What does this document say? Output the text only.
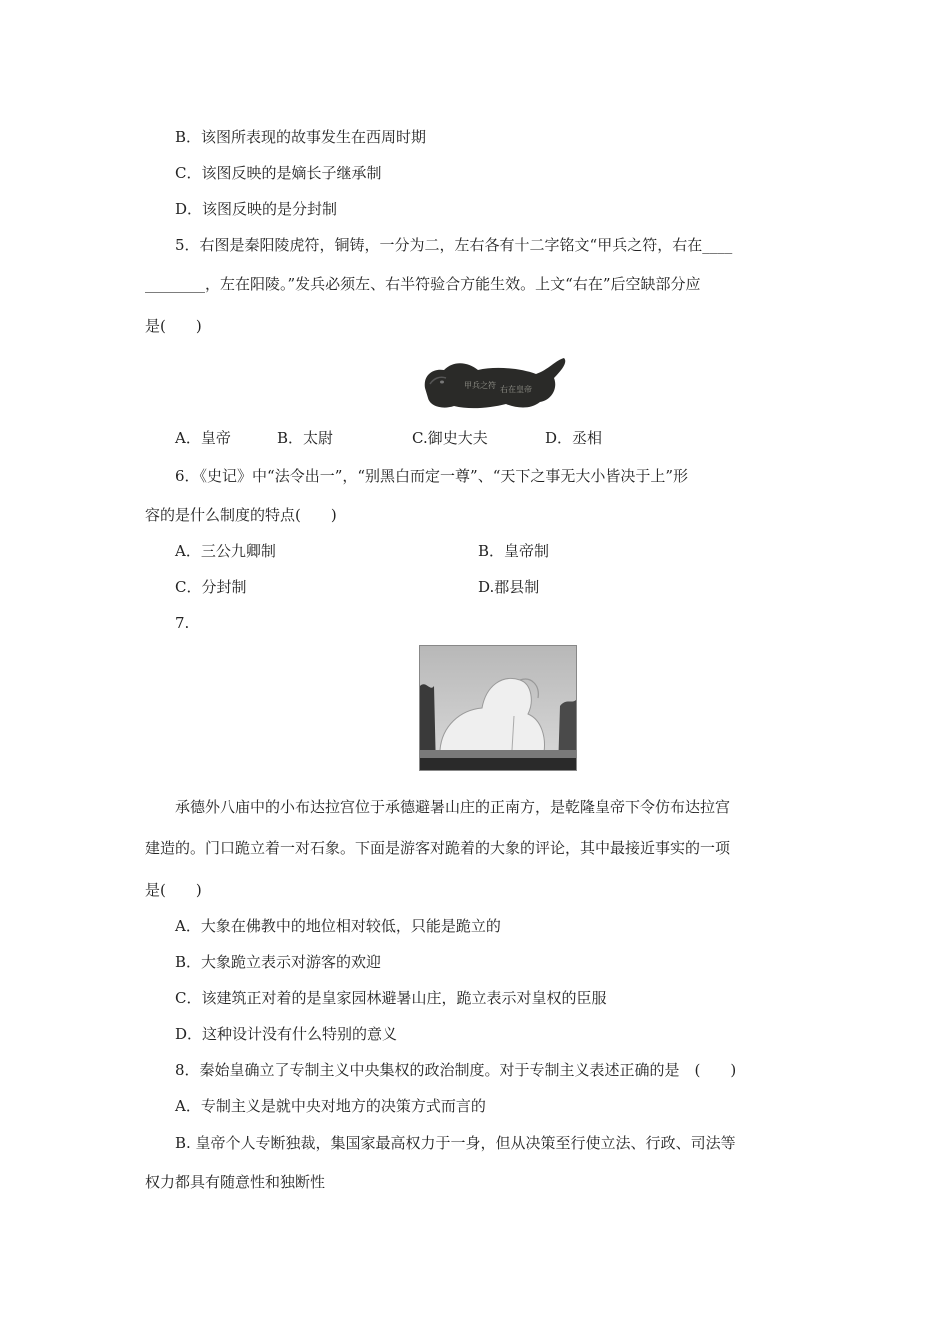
B．该图所表现的故事发生在西周时期
C．该图反映的是嫡长子继承制
D．该图反映的是分封制
5．右图是秦阳陵虎符，铜铸，一分为二，左右各有十二字铭文“甲兵之符，右在____
________，左在阳陵。”发兵必须左、右半符验合方能生效。上文“右在”后空缺部分应
是(　　)
甲兵之符 右在皇帝
A．皇帝	B．太尉	C.御史大夫	D．丞相
6．《史记》中“法令出一”，“别黑白而定一尊”、“天下之事无大小皆决于上”形
容的是什么制度的特点(　　)
A．三公九卿制	B．皇帝制
C．分封制	D.郡县制
7.
承德外八庙中的小布达拉宫位于承德避暑山庄的正南方，是乾隆皇帝下令仿布达拉宫
建造的。门口跪立着一对石象。下面是游客对跪着的大象的评论，其中最接近事实的一项
是(　　)
A．大象在佛教中的地位相对较低，只能是跪立的
B．大象跪立表示对游客的欢迎
C．该建筑正对着的是皇家园林避暑山庄，跪立表示对皇权的臣服
D．这种设计没有什么特别的意义
8．秦始皇确立了专制主义中央集权的政治制度。对于专制主义表述正确的是　(　　)
A．专制主义是就中央对地方的决策方式而言的
B. 皇帝个人专断独裁，集国家最高权力于一身，但从决策至行使立法、行政、司法等
权力都具有随意性和独断性
